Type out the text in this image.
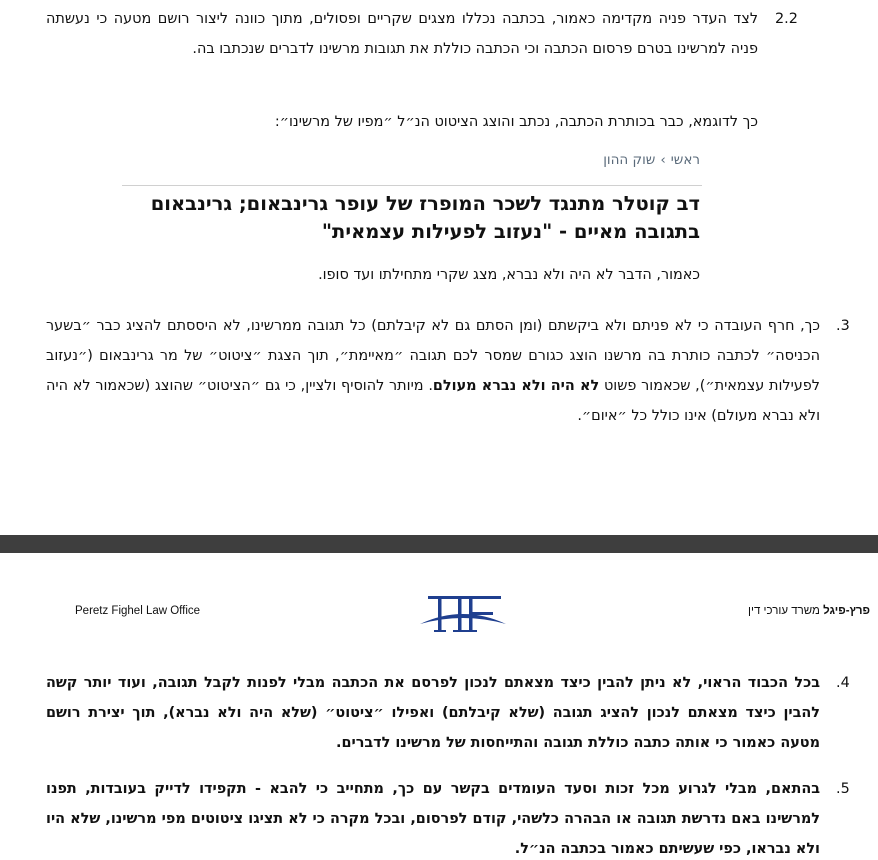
2.2
לצד העדר פניה מקדימה כאמור, בכתבה נכללו מצגים שקריים ופסולים, מתוך כוונה ליצור רושם מטעה כי נעשתה פניה למרשינו בטרם פרסום הכתבה וכי הכתבה כוללת את תגובות מרשינו לדברים שנכתבו בה.
כך לדוגמא, כבר בכותרת הכתבה, נכתב והוצג הציטוט הנ״ל ״מפיו של מרשינו״:
ראשי›שוק ההון
דב קוטלר מתנגד לשכר המופרז של עופר גרינבאום; גרינבאום בתגובה מאיים - "נעזוב לפעילות עצמאית"
כאמור, הדבר לא היה ולא נברא, מצג שקרי מתחילתו ועד סופו.
.3
כך, חרף העובדה כי לא פניתם ולא ביקשתם (ומן הסתם גם לא קיבלתם) כל תגובה ממרשינו, לא היססתם להציג כבר ״בשער הכניסה״ לכתבה כותרת בה מרשנו הוצג כגורם שמסר לכם תגובה ״מאיימת״, תוך הצגת ״ציטוט״ של מר גרינבאום (״נעזוב לפעילות עצמאית״), שכאמור פשוט לא היה ולא נברא מעולם. מיותר להוסיף ולציין, כי גם ״הציטוט״ שהוצג (שכאמור לא היה ולא נברא מעולם) אינו כולל כל ״איום״.
Peretz Fighel Law Office	פרץ-פיגל משרד עורכי דין
.4
בכל הכבוד הראוי, לא ניתן להבין כיצד מצאתם לנכון לפרסם את הכתבה מבלי לפנות לקבל תגובה, ועוד יותר קשה להבין כיצד מצאתם לנכון להציג תגובה (שלא קיבלתם) ואפילו ״ציטוט״ (שלא היה ולא נברא), תוך יצירת רושם מטעה כאמור כי אותה כתבה כוללת תגובה והתייחסות של מרשינו לדברים.
.5
בהתאם, מבלי לגרוע מכל זכות וסעד העומדים בקשר עם כך, מתחייב כי להבא - תקפידו לדייק בעובדות, תפנו למרשינו באם נדרשת תגובה או הבהרה כלשהי, קודם לפרסום, ובכל מקרה כי לא תציגו ציטוטים מפי מרשינו, שלא היו ולא נבראו, כפי שעשיתם כאמור בכתבה הנ״ל.
